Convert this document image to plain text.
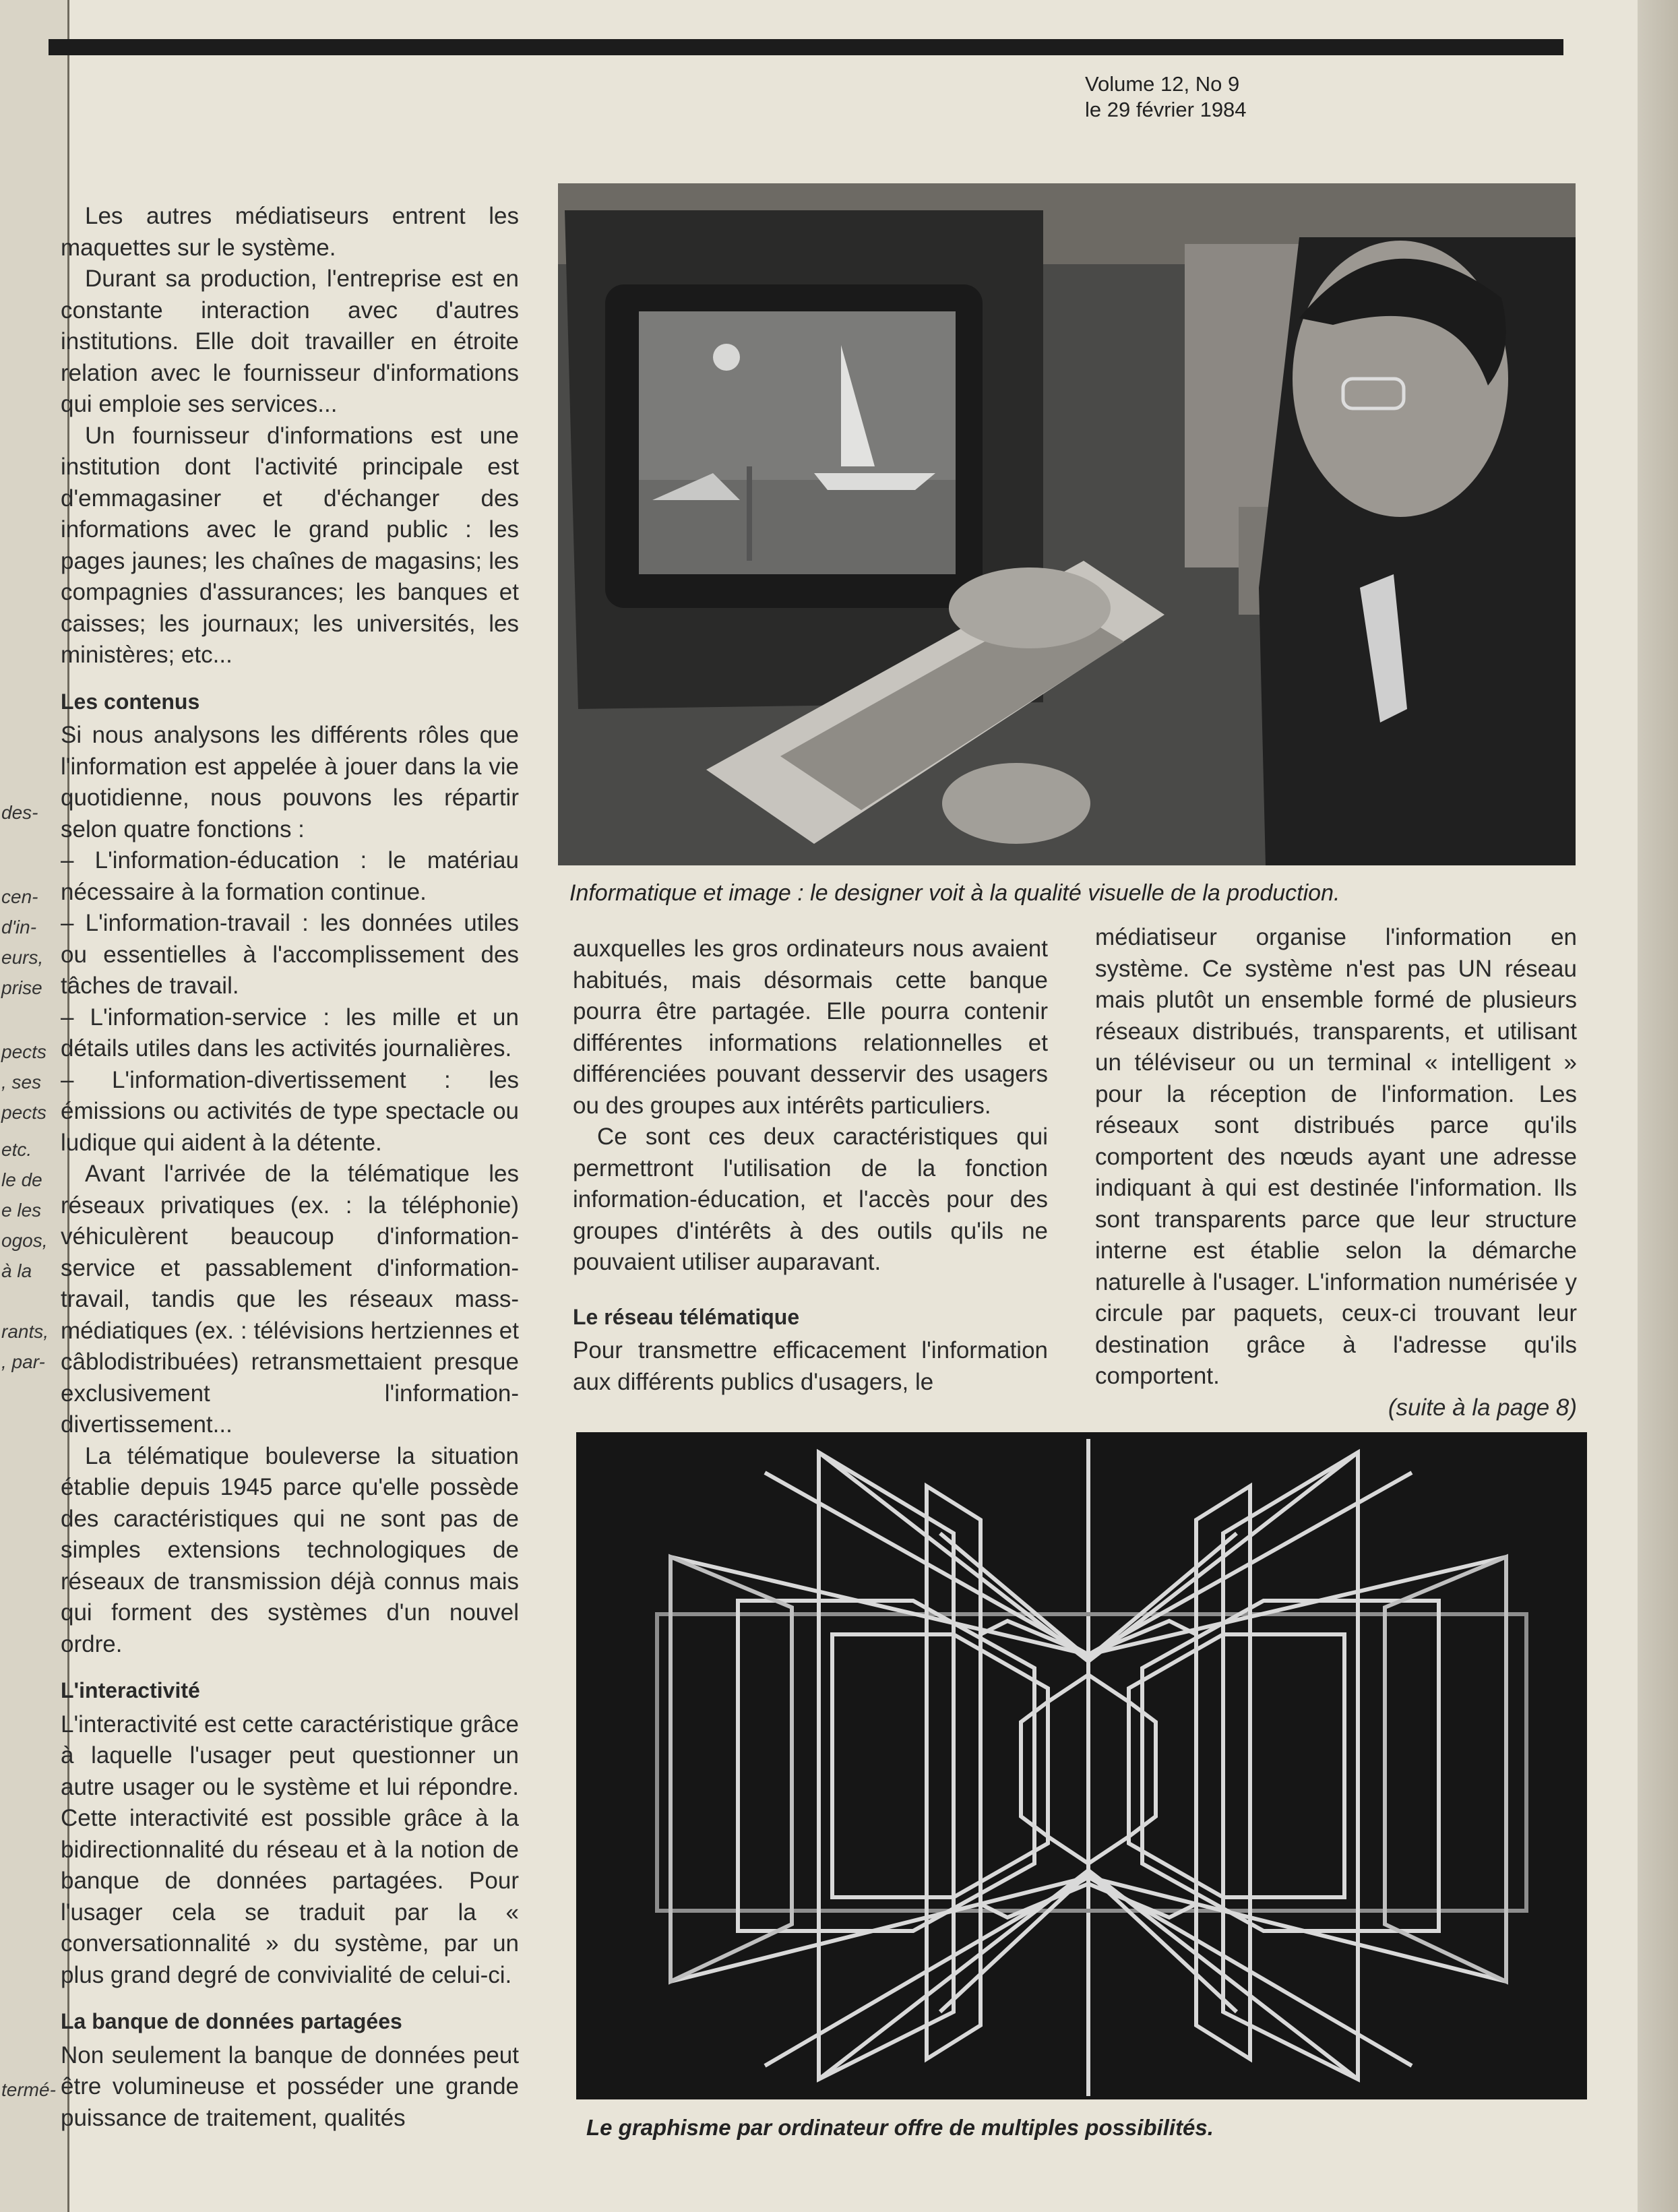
des-
cen-
d'in-
eurs,
prise
pects
, ses
pects
etc.
le de
e les
ogos,
à la
rants,
, par-
termé-
Volume 12, No 9
le 29 février 1984

Les autres médiatiseurs entrent les maquettes sur le système.

Durant sa production, l'entreprise est en constante interaction avec d'autres institutions. Elle doit travailler en étroite relation avec le fournisseur d'informations qui emploie ses services...

Un fournisseur d'informations est une institution dont l'activité principale est d'emmagasiner et d'échanger des informations avec le grand public : les pages jaunes; les chaînes de magasins; les compagnies d'assurances; les banques et caisses; les journaux; les universités, les ministères; etc...

Les contenus

Si nous analysons les différents rôles que l'information est appelée à jouer dans la vie quotidienne, nous pouvons les répartir selon quatre fonctions :

– L'information-éducation : le matériau nécessaire à la formation continue.

– L'information-travail : les données utiles ou essentielles à l'accomplissement des tâches de travail.

– L'information-service : les mille et un détails utiles dans les activités journalières.

– L'information-divertissement : les émissions ou activités de type spectacle ou ludique qui aident à la détente.

Avant l'arrivée de la télématique les réseaux privatiques (ex. : la téléphonie) véhiculèrent beaucoup d'information-service et passablement d'information-travail, tandis que les réseaux mass-médiatiques (ex. : télévisions hertziennes et câblodistribuées) retransmettaient presque exclusivement l'information-divertissement...

La télématique bouleverse la situation établie depuis 1945 parce qu'elle possède des caractéristiques qui ne sont pas de simples extensions technologiques de réseaux de transmission déjà connus mais qui forment des systèmes d'un nouvel ordre.

L'interactivité

L'interactivité est cette caractéristique grâce à laquelle l'usager peut questionner un autre usager ou le système et lui répondre. Cette interactivité est possible grâce à la bidirectionnalité du réseau et à la notion de banque de données partagées. Pour l'usager cela se traduit par la « conversationnalité » du système, par un plus grand degré de convivialité de celui-ci.

La banque de données partagées

Non seulement la banque de données peut être volumineuse et posséder une grande puissance de traitement, qualités

Informatique et image : le designer voit à la qualité visuelle de la production.

auxquelles les gros ordinateurs nous avaient habitués, mais désormais cette banque pourra être partagée. Elle pourra contenir différentes informations relationnelles et différenciées pouvant desservir des usagers ou des groupes aux intérêts particuliers.

Ce sont ces deux caractéristiques qui permettront l'utilisation de la fonction information-éducation, et l'accès pour des groupes d'intérêts à des outils qu'ils ne pouvaient utiliser auparavant.

Le réseau télématique

Pour transmettre efficacement l'information aux différents publics d'usagers, le

médiatiseur organise l'information en système. Ce système n'est pas UN réseau mais plutôt un ensemble formé de plusieurs réseaux distribués, transparents, et utilisant un téléviseur ou un terminal « intelligent » pour la réception de l'information. Les réseaux sont distribués parce qu'ils comportent des nœuds ayant une adresse indiquant à qui est destinée l'information. Ils sont transparents parce que leur structure interne est établie selon la démarche naturelle à l'usager. L'information numérisée y circule par paquets, ceux-ci trouvant leur destination grâce à l'adresse qu'ils comportent.

(suite à la page 8)

Le graphisme par ordinateur offre de multiples possibilités.
